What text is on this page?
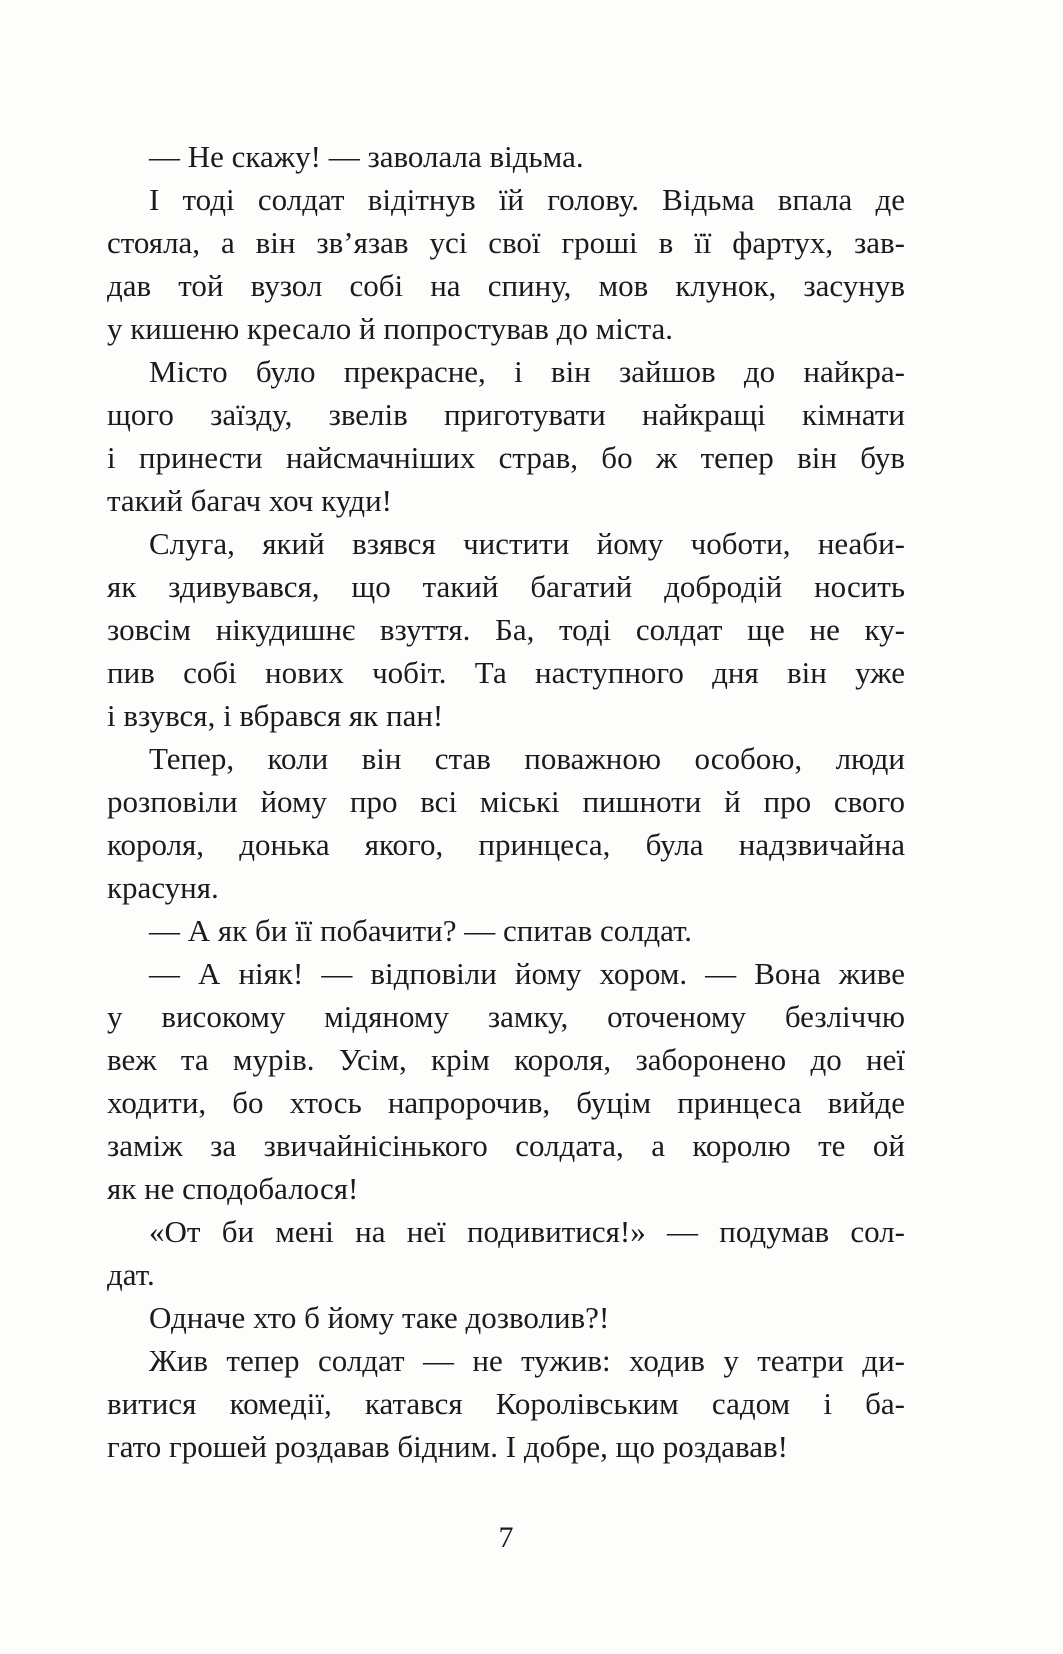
— Не скажу! — заволала відьма.
І тоді солдат відітнув їй голову. Відьма впала де
стояла, а він зв’язав усі свої гроші в її фартух, зав-
дав той вузол собі на спину, мов клунок, засунув
у кишеню кресало й попростував до міста.
Місто було прекрасне, і він зайшов до найкра-
щого заїзду, звелів приготувати найкращі кімнати
і принести найсмачніших страв, бо ж тепер він був
такий багач хоч куди!
Слуга, який взявся чистити йому чоботи, неаби-
як здивувався, що такий багатий добродій носить
зовсім нікудишнє взуття. Ба, тоді солдат ще не ку-
пив собі нових чобіт. Та наступного дня він уже
і взувся, і вбрався як пан!
Тепер, коли він став поважною особою, люди
розповіли йому про всі міські пишноти й про свого
короля, донька якого, принцеса, була надзвичайна
красуня.
— А як би її побачити? — спитав солдат.
— А ніяк! — відповіли йому хором. — Вона живе
у високому мідяному замку, оточеному безліччю
веж та мурів. Усім, крім короля, заборонено до неї
ходити, бо хтось напророчив, буцім принцеса вийде
заміж за звичайнісінького солдата, а королю те ой
як не сподобалося!
«От би мені на неї подивитися!» — подумав сол-
дат.
Одначе хто б йому таке дозволив?!
Жив тепер солдат — не тужив: ходив у театри ди-
витися комедії, катався Королівським садом і ба-
гато грошей роздавав бідним. І добре, що роздавав!
7
